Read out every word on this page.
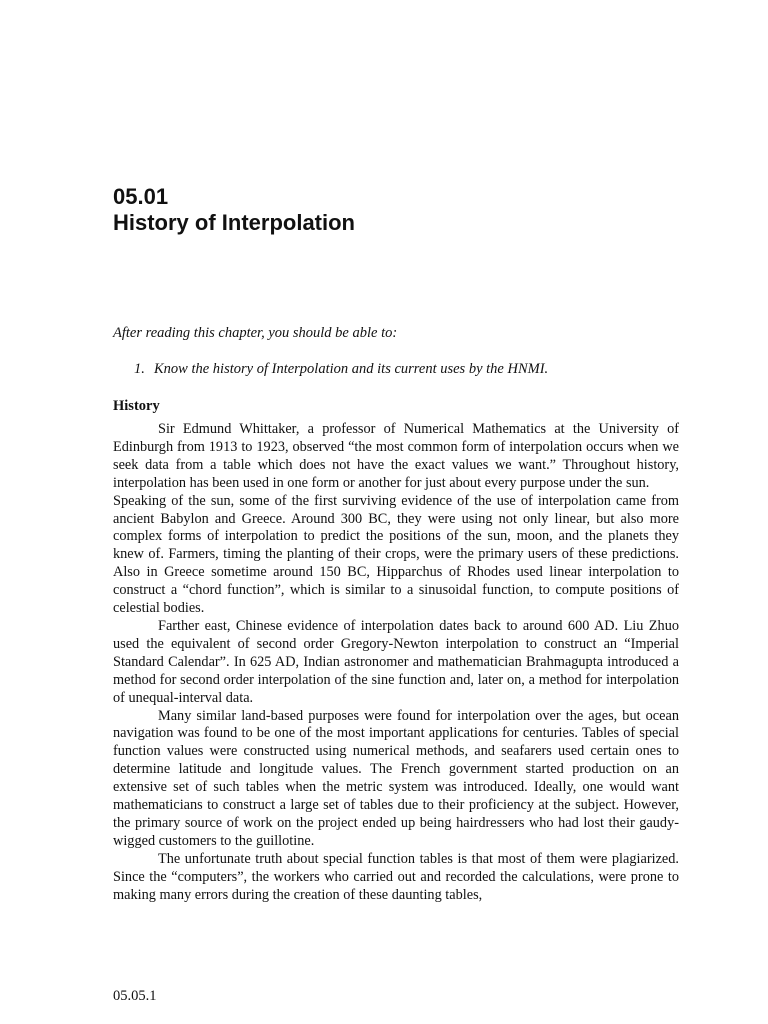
05.01
History of Interpolation
After reading this chapter, you should be able to:
1. Know the history of Interpolation and its current uses by the HNMI.
History

Sir Edmund Whittaker, a professor of Numerical Mathematics at the University of Edinburgh from 1913 to 1923, observed “the most common form of interpolation occurs when we seek data from a table which does not have the exact values we want.” Throughout history, interpolation has been used in one form or another for just about every purpose under the sun.

Speaking of the sun, some of the first surviving evidence of the use of interpolation came from ancient Babylon and Greece. Around 300 BC, they were using not only linear, but also more complex forms of interpolation to predict the positions of the sun, moon, and the planets they knew of. Farmers, timing the planting of their crops, were the primary users of these predictions. Also in Greece sometime around 150 BC, Hipparchus of Rhodes used linear interpolation to construct a “chord function”, which is similar to a sinusoidal function, to compute positions of celestial bodies.

Farther east, Chinese evidence of interpolation dates back to around 600 AD. Liu Zhuo used the equivalent of second order Gregory-Newton interpolation to construct an “Imperial Standard Calendar”. In 625 AD, Indian astronomer and mathematician Brahmagupta introduced a method for second order interpolation of the sine function and, later on, a method for interpolation of unequal-interval data.

Many similar land-based purposes were found for interpolation over the ages, but ocean navigation was found to be one of the most important applications for centuries. Tables of special function values were constructed using numerical methods, and seafarers used certain ones to determine latitude and longitude values. The French government started production on an extensive set of such tables when the metric system was introduced. Ideally, one would want mathematicians to construct a large set of tables due to their proficiency at the subject. However, the primary source of work on the project ended up being hairdressers who had lost their gaudy-wigged customers to the guillotine.

The unfortunate truth about special function tables is that most of them were plagiarized. Since the “computers”, the workers who carried out and recorded the calculations, were prone to making many errors during the creation of these daunting tables,

05.05.1
